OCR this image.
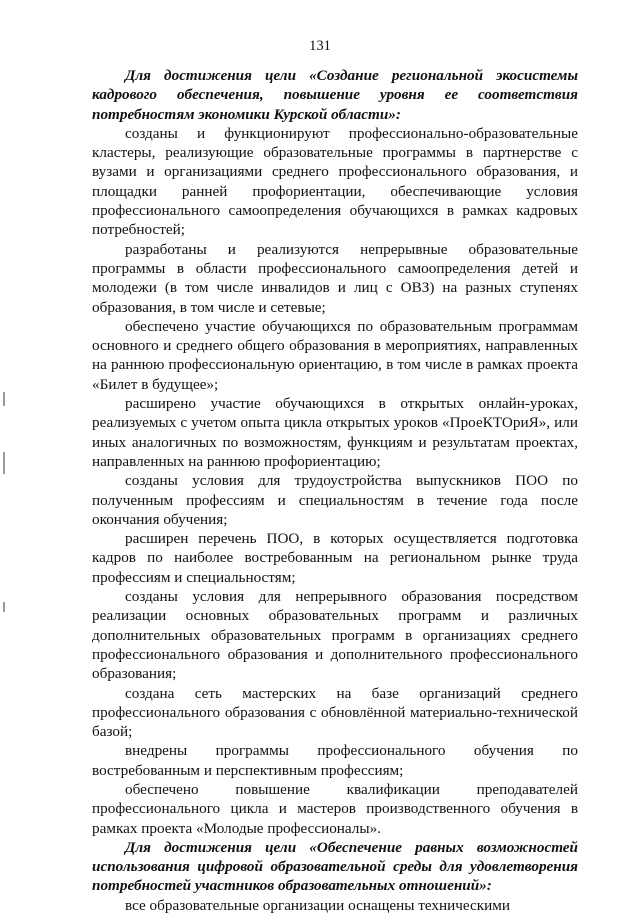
131

Для достижения цели «Создание региональной экосистемы кадрового обеспечения, повышение уровня ее соответствия потребностям экономики Курской области»:

созданы и функционируют профессионально-образовательные кластеры, реализующие образовательные программы в партнерстве с вузами и организациями среднего профессионального образования, и площадки ранней профориентации, обеспечивающие условия профессионального самоопределения обучающихся в рамках кадровых потребностей;

разработаны и реализуются непрерывные образовательные программы в области профессионального самоопределения детей и молодежи (в том числе инвалидов и лиц с ОВЗ) на разных ступенях образования, в том числе и сетевые;

обеспечено участие обучающихся по образовательным программам основного и среднего общего образования в мероприятиях, направленных на раннюю профессиональную ориентацию, в том числе в рамках проекта «Билет в будущее»;

расширено участие обучающихся в открытых онлайн-уроках, реализуемых с учетом опыта цикла открытых уроков «ПроеКТОриЯ», или иных аналогичных по возможностям, функциям и результатам проектах, направленных на раннюю профориентацию;

созданы условия для трудоустройства выпускников ПОО по полученным профессиям и специальностям в течение года после окончания обучения;

расширен перечень ПОО, в которых осуществляется подготовка кадров по наиболее востребованным на региональном рынке труда профессиям и специальностям;

созданы условия для непрерывного образования посредством реализации основных образовательных программ и различных дополнительных образовательных программ в организациях среднего профессионального образования и дополнительного профессионального образования;

создана сеть мастерских на базе организаций среднего профессионального образования с обновлённой материально-технической базой;

внедрены программы профессионального обучения по востребованным и перспективным профессиям;

обеспечено повышение квалификации преподавателей профессионального цикла и мастеров производственного обучения в рамках проекта «Молодые профессионалы».

Для достижения цели «Обеспечение равных возможностей использования цифровой образовательной среды для удовлетворения потребностей участников образовательных отношений»:

все образовательные организации оснащены техническими
